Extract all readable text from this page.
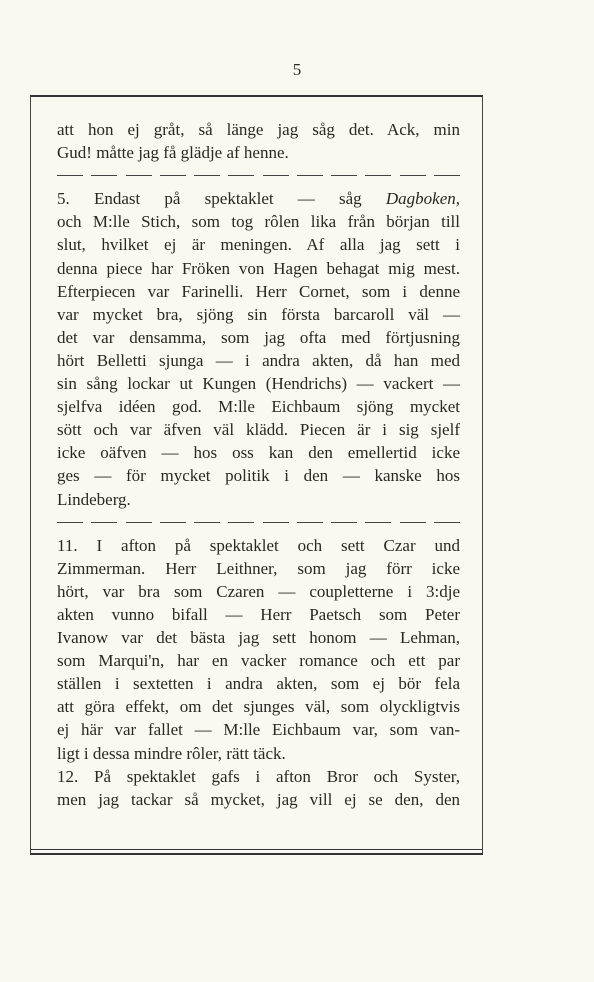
5
att hon ej gråt, så länge jag såg det. Ack, min
Gud! måtte jag få glädje af henne.
5. Endast på spektaklet — såg Dagboken,
och M:lle Stich, som tog rôlen lika från början till
slut, hvilket ej är meningen. Af alla jag sett i
denna piece har Fröken von Hagen behagat mig mest.
Efterpiecen var Farinelli. Herr Cornet, som i denne
var mycket bra, sjöng sin första barcaroll väl —
det var densamma, som jag ofta med förtjusning
hört Belletti sjunga — i andra akten, då han med
sin sång lockar ut Kungen (Hendrichs) — vackert —
sjelfva idéen god. M:lle Eichbaum sjöng mycket
sött och var äfven väl klädd. Piecen är i sig sjelf
icke oäfven — hos oss kan den emellertid icke
ges — för mycket politik i den — kanske hos
Lindeberg.
11. I afton på spektaklet och sett Czar und
Zimmerman. Herr Leithner, som jag förr icke
hört, var bra som Czaren — coupletterne i 3:dje
akten vunno bifall — Herr Paetsch som Peter
Ivanow var det bästa jag sett honom — Lehman,
som Marqui'n, har en vacker romance och ett par
ställen i sextetten i andra akten, som ej bör fela
att göra effekt, om det sjunges väl, som olyckligtvis
ej här var fallet — M:lle Eichbaum var, som van-
ligt i dessa mindre rôler, rätt täck.
12. På spektaklet gafs i afton Bror och Syster,
men jag tackar så mycket, jag vill ej se den, den
